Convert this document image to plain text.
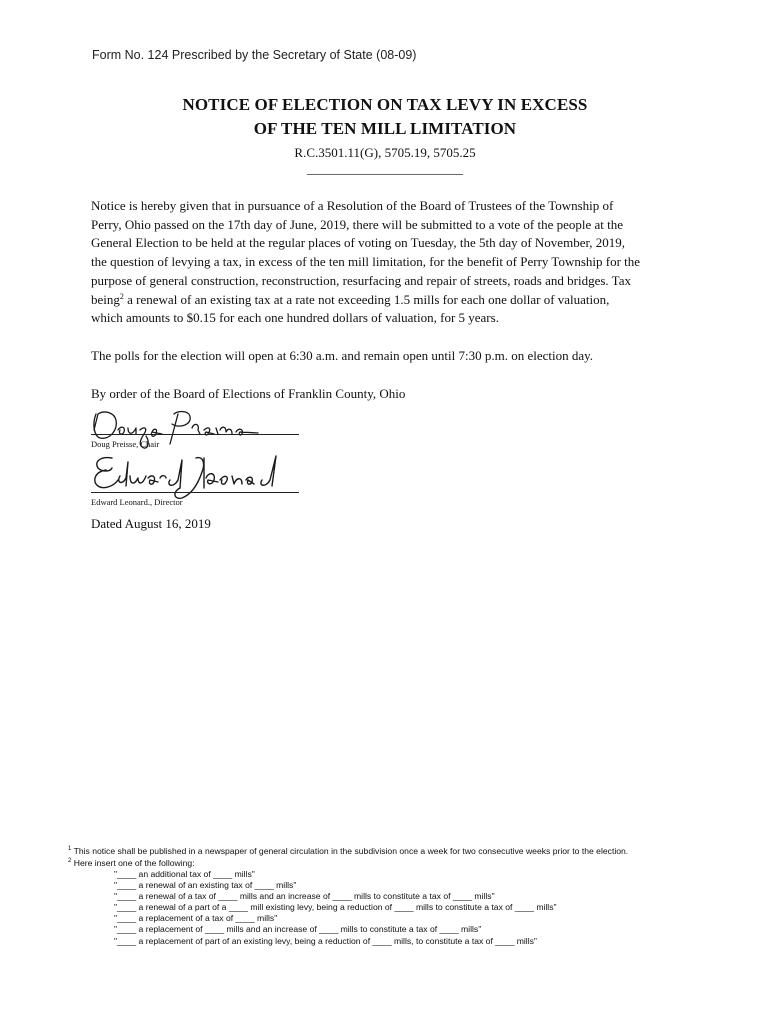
Form No. 124 Prescribed by the Secretary of State (08-09)
NOTICE OF ELECTION ON TAX LEVY IN EXCESS
OF THE TEN MILL LIMITATION
R.C.3501.11(G), 5705.19, 5705.25
________________________
Notice is hereby given that in pursuance of a Resolution of the Board of Trustees of the Township of
Perry, Ohio passed on the 17th day of June, 2019, there will be submitted to a vote of the people at the
General Election to be held at the regular places of voting on Tuesday, the 5th day of November, 2019,
the question of levying a tax, in excess of the ten mill limitation, for the benefit of Perry Township for the
purpose of general construction, reconstruction, resurfacing and repair of streets, roads and bridges. Tax
being$^2$ a renewal of an existing tax at a rate not exceeding 1.5 mills for each one dollar of valuation,
which amounts to $0.15 for each one hundred dollars of valuation, for 5 years.
The polls for the election will open at 6:30 a.m. and remain open until 7:30 p.m. on election day.
By order of the Board of Elections of Franklin County, Ohio
Doug Preisse, Chair
Edward Leonard., Director
Dated August 16, 2019
$^1$ This notice shall be published in a newspaper of general circulation in the subdivision once a week for two consecutive weeks prior to the election.
$^2$ Here insert one of the following:
"____ an additional tax of ____ mills"
"____ a renewal of an existing tax of ____ mills"
"____ a renewal of a tax of ____ mills and an increase of ____ mills to constitute a tax of ____ mills"
"____ a renewal of a part of a ____ mill existing levy, being a reduction of ____ mills to constitute a tax of ____ mills"
"____ a replacement of a tax of ____ mills"
"____ a replacement of ____ mills and an increase of ____ mills to constitute a tax of ____ mills"
"____ a replacement of part of an existing levy, being a reduction of ____ mills, to constitute a tax of ____ mills"
